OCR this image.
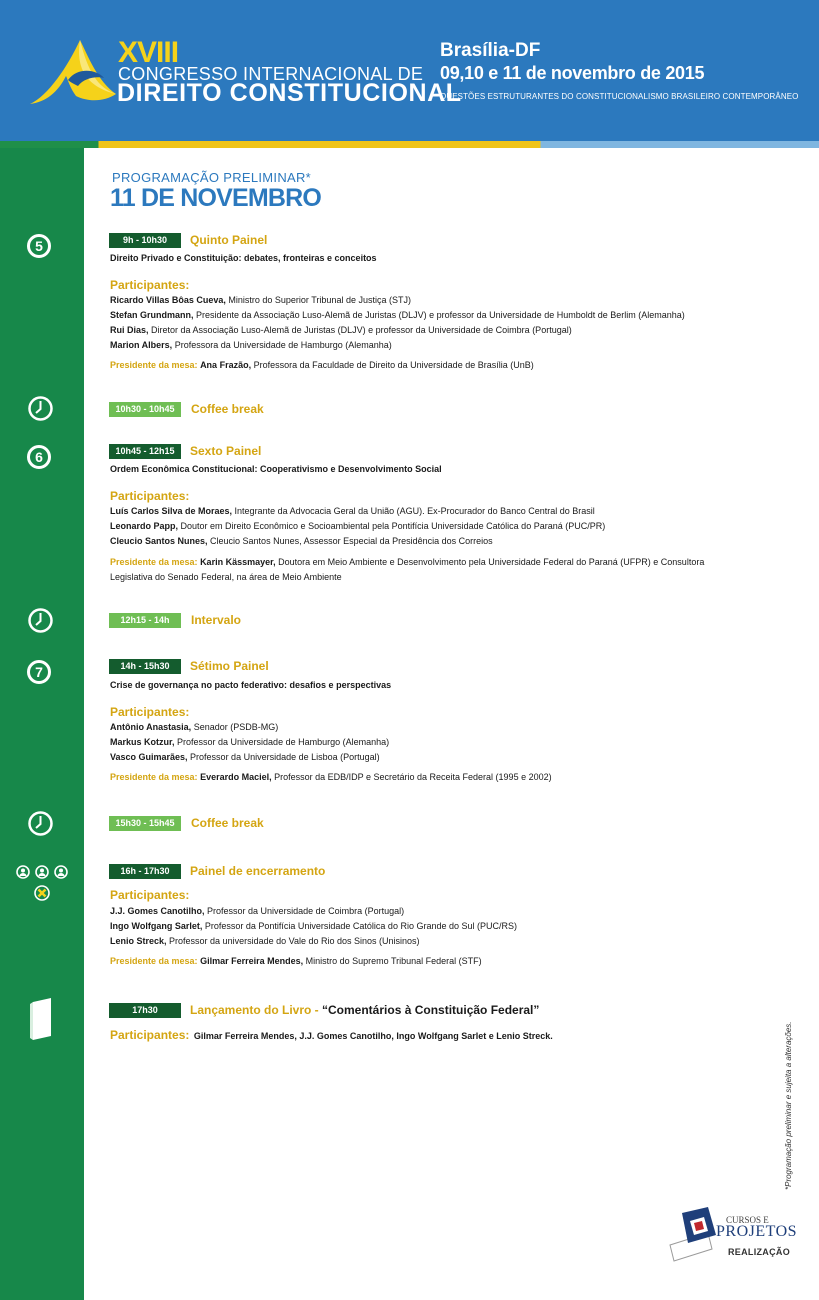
XVIII
CONGRESSO INTERNACIONAL DE
DIREITO CONSTITUCIONAL
Brasília-DF
09,10 e 11 de novembro de 2015
QUESTÕES ESTRUTURANTES DO CONSTITUCIONALISMO BRASILEIRO CONTEMPORÂNEO
5
6
7
PROGRAMAÇÃO PRELIMINAR*
11 DE NOVEMBRO
9h - 10h30	Quinto Painel
Direito Privado e Constituição: debates, fronteiras e conceitos
Participantes:
Ricardo Villas Bôas Cueva, Ministro do Superior Tribunal de Justiça (STJ)
Stefan Grundmann, Presidente da Associação Luso-Alemã de Juristas (DLJV) e professor da Universidade de Humboldt de Berlim (Alemanha)
Rui Dias, Diretor da Associação Luso-Alemã de Juristas (DLJV) e professor da Universidade de Coimbra (Portugal)
Marion Albers, Professora da Universidade de Hamburgo (Alemanha)
Presidente da mesa: Ana Frazão, Professora da Faculdade de Direito da Universidade de Brasília (UnB)
10h30 - 10h45	Coffee break
10h45 - 12h15	Sexto Painel
Ordem Econômica Constitucional: Cooperativismo e Desenvolvimento Social
Participantes:
Luís Carlos Silva de Moraes, Integrante da Advocacia Geral da União (AGU). Ex-Procurador do Banco Central do Brasil
Leonardo Papp, Doutor em Direito Econômico e Socioambiental pela Pontifícia Universidade Católica do Paraná (PUC/PR)
Cleucio Santos Nunes, Cleucio Santos Nunes, Assessor Especial da Presidência dos Correios
Presidente da mesa: Karin Kässmayer, Doutora em Meio Ambiente e Desenvolvimento pela Universidade Federal do Paraná (UFPR) e Consultora Legislativa do Senado Federal, na área de Meio Ambiente
12h15 - 14h	Intervalo
14h - 15h30	Sétimo Painel
Crise de governança no pacto federativo: desafios e perspectivas
Participantes:
Antônio Anastasia, Senador (PSDB-MG)
Markus Kotzur, Professor da Universidade de Hamburgo (Alemanha)
Vasco Guimarães, Professor da Universidade de Lisboa (Portugal)
Presidente da mesa: Everardo Maciel, Professor da EDB/IDP e Secretário da Receita Federal (1995 e 2002)
15h30 - 15h45	Coffee break
16h - 17h30	Painel de encerramento
Participantes:
J.J. Gomes Canotilho, Professor da Universidade de Coimbra (Portugal)
Ingo Wolfgang Sarlet, Professor da Pontifícia Universidade Católica do Rio Grande do Sul (PUC/RS)
Lenio Streck, Professor da universidade do Vale do Rio dos Sinos (Unisinos)
Presidente da mesa: Gilmar Ferreira Mendes, Ministro do Supremo Tribunal Federal (STF)
17h30	Lançamento do Livro - “Comentários à Constituição Federal”
Participantes: Gilmar Ferreira Mendes, J.J. Gomes Canotilho, Ingo Wolfgang Sarlet e Lenio Streck.	*Programação preliminar e sujeita a alterações.
CURSOS E
PROJETOS
REALIZAÇÃO
